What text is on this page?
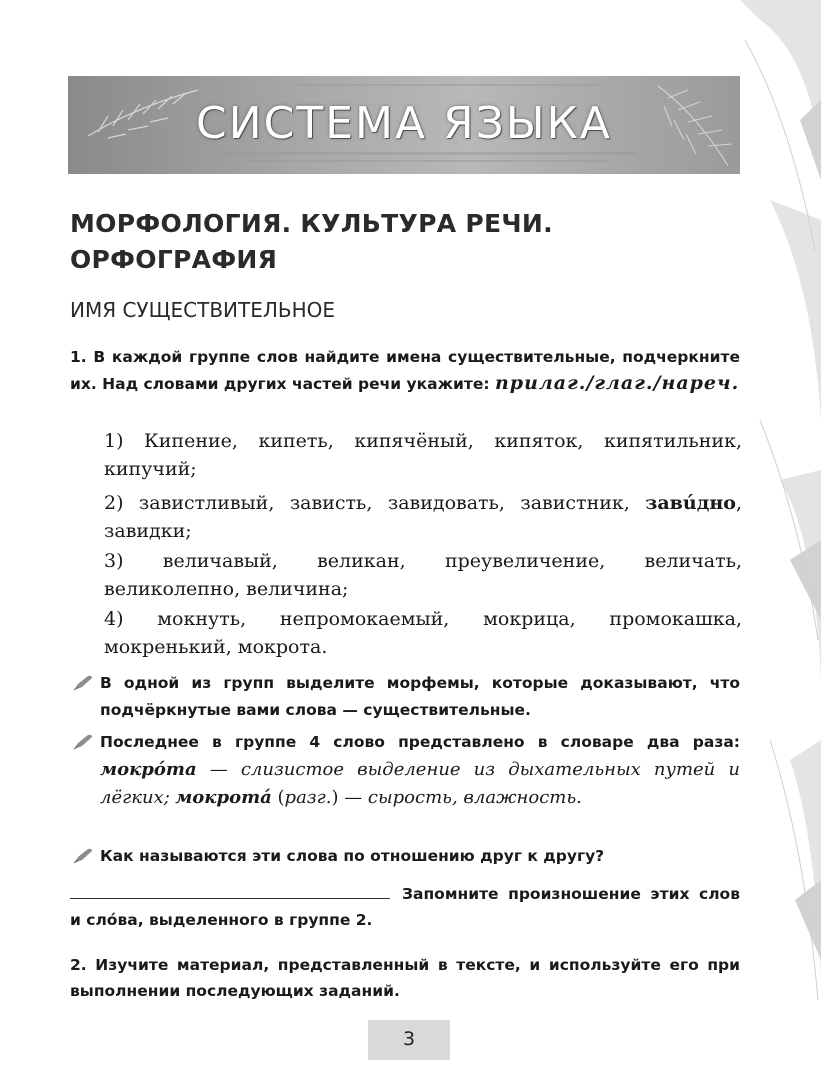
СИСТЕМА ЯЗЫКА
МОРФОЛОГИЯ. КУЛЬТУРА РЕЧИ.
ОРФОГРАФИЯ
ИМЯ СУЩЕСТВИТЕЛЬНОЕ
1. В каждой группе слов найдите имена существительные, подчеркните их. Над словами других частей речи укажите: прилаг./глаг./нареч.
1) Кипение, кипеть, кипячёный, кипяток, кипятильник, кипучий;
2) завистливый, зависть, завидовать, завистник, завúдно, завидки;
3) величавый, великан, преувеличение, величать, великолепно, величина;
4) мокнуть, непромокаемый, мокрица, промокашка, мокренький, мокрота.
В одной из групп выделите морфемы, которые доказывают, что подчёркнутые вами слова — существительные.
Последнее в группе 4 слово представлено в словаре два раза: мокрóта — слизистое выделение из дыхательных путей и лёгких; мокротá (разг.) — сырость, влажность.
Как называются эти слова по отношению друг к другу?
Запомните произношение этих слов и слóва, выделенного в группе 2.
2. Изучите материал, представленный в тексте, и используйте его при выполнении последующих заданий.
3
